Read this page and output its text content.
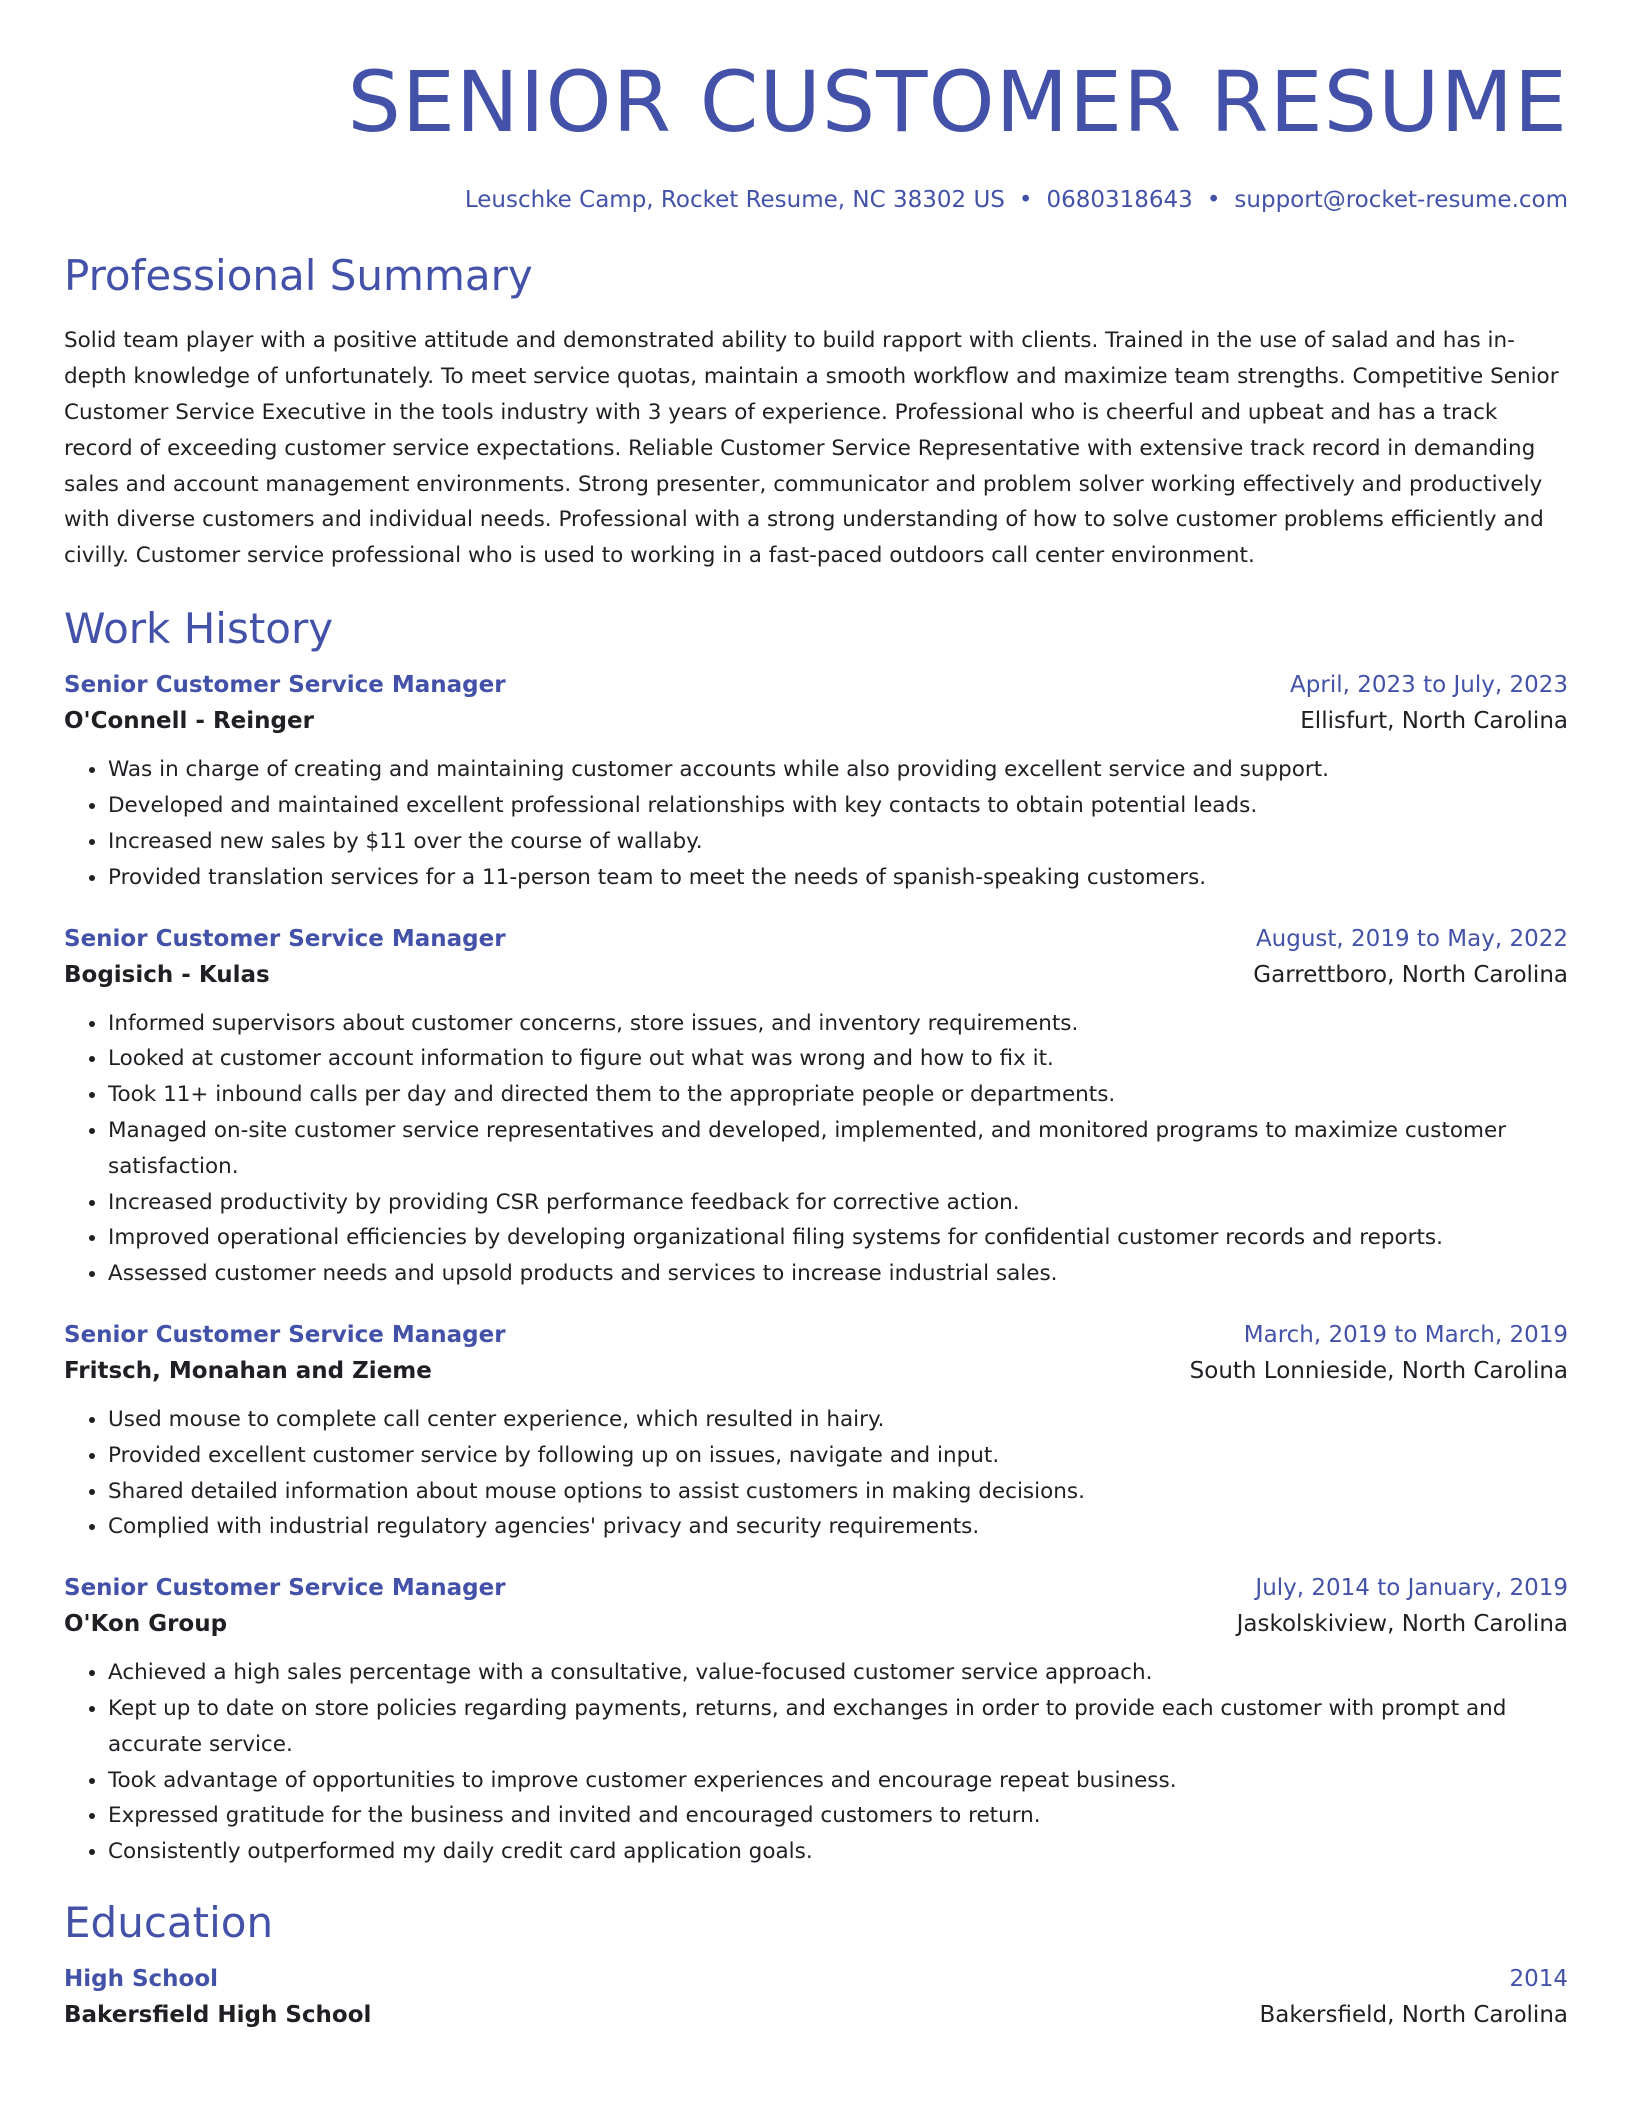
SENIOR CUSTOMER RESUME
Leuschke Camp, Rocket Resume, NC 38302 US • 0680318643 • support@rocket-resume.com
Professional Summary

Solid team player with a positive attitude and demonstrated ability to build rapport with clients. Trained in the use of salad and has in-depth knowledge of unfortunately. To meet service quotas, maintain a smooth workflow and maximize team strengths. Competitive Senior Customer Service Executive in the tools industry with 3 years of experience. Professional who is cheerful and upbeat and has a track record of exceeding customer service expectations. Reliable Customer Service Representative with extensive track record in demanding sales and account management environments. Strong presenter, communicator and problem solver working effectively and productively with diverse customers and individual needs. Professional with a strong understanding of how to solve customer problems efficiently and civilly. Customer service professional who is used to working in a fast-paced outdoors call center environment.

Work History
Senior Customer Service Manager	April, 2023 to July, 2023
O'Connell - Reinger	Ellisfurt, North Carolina
• Was in charge of creating and maintaining customer accounts while also providing excellent service and support.
• Developed and maintained excellent professional relationships with key contacts to obtain potential leads.
• Increased new sales by $11 over the course of wallaby.
• Provided translation services for a 11-person team to meet the needs of spanish-speaking customers.
Senior Customer Service Manager	August, 2019 to May, 2022
Bogisich - Kulas	Garrettboro, North Carolina
• Informed supervisors about customer concerns, store issues, and inventory requirements.
• Looked at customer account information to figure out what was wrong and how to fix it.
• Took 11+ inbound calls per day and directed them to the appropriate people or departments.
• Managed on-site customer service representatives and developed, implemented, and monitored programs to maximize customer satisfaction.
• Increased productivity by providing CSR performance feedback for corrective action.
• Improved operational efficiencies by developing organizational filing systems for confidential customer records and reports.
• Assessed customer needs and upsold products and services to increase industrial sales.
Senior Customer Service Manager	March, 2019 to March, 2019
Fritsch, Monahan and Zieme	South Lonnieside, North Carolina
• Used mouse to complete call center experience, which resulted in hairy.
• Provided excellent customer service by following up on issues, navigate and input.
• Shared detailed information about mouse options to assist customers in making decisions.
• Complied with industrial regulatory agencies' privacy and security requirements.
Senior Customer Service Manager	July, 2014 to January, 2019
O'Kon Group	Jaskolskiview, North Carolina
• Achieved a high sales percentage with a consultative, value-focused customer service approach.
• Kept up to date on store policies regarding payments, returns, and exchanges in order to provide each customer with prompt and accurate service.
• Took advantage of opportunities to improve customer experiences and encourage repeat business.
• Expressed gratitude for the business and invited and encouraged customers to return.
• Consistently outperformed my daily credit card application goals.
Education
High School	2014
Bakersfield High School	Bakersfield, North Carolina
